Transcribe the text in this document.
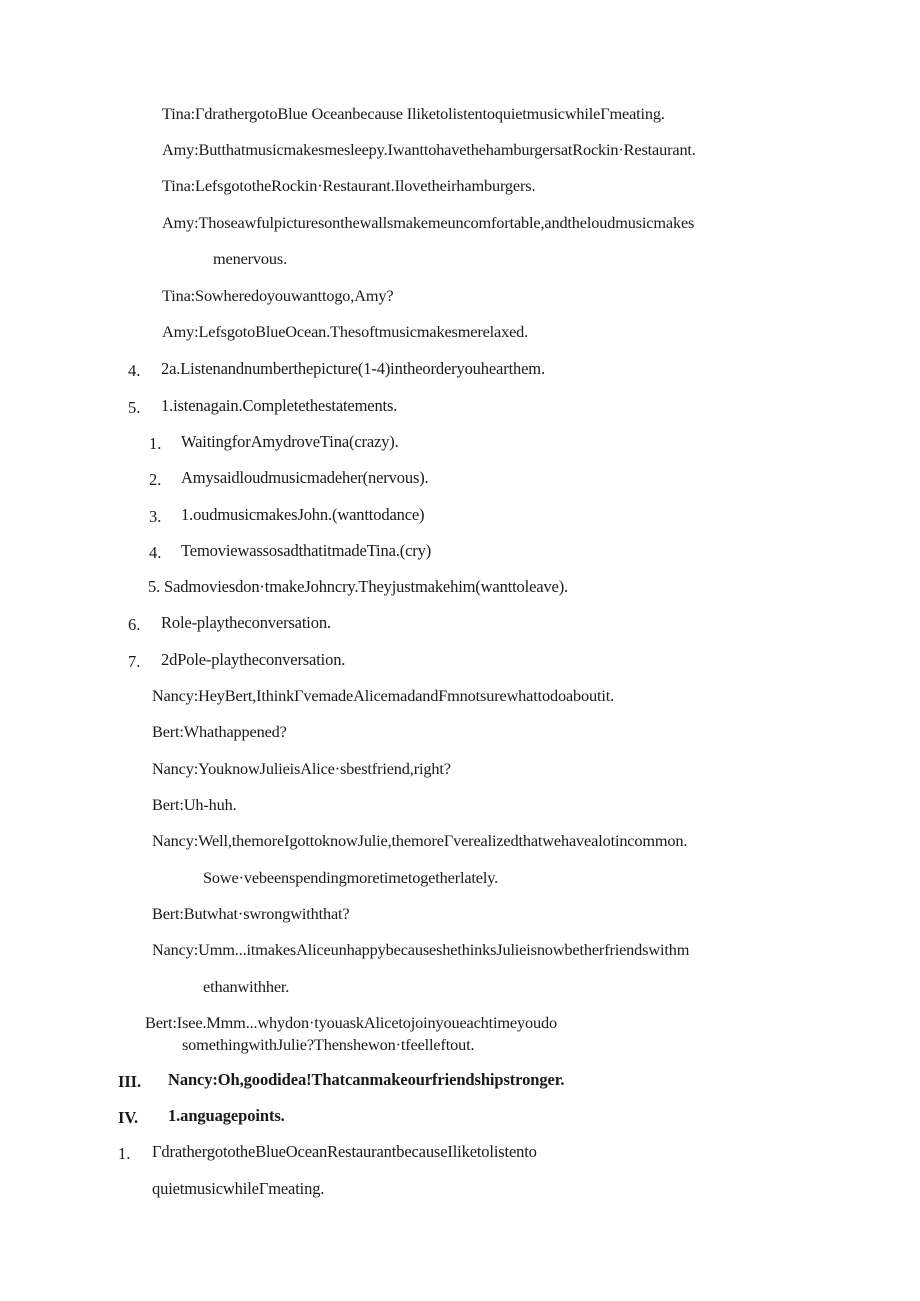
Tina:ΓdrathergotoBlue Oceanbecause IliketolistentoquietmusicwhileΓmeating.
Amy:Butthatmusicmakesmesleepy.IwanttohavethehamburgersatRockin·Restaurant.
Tina:LefsgototheRockin·Restaurant.Ilovetheirhamburgers.
Amy:Thoseawfulpicturesonthewallsmakemeuncomfortable,andtheloudmusicmakes
menervous.
Tina:Sowheredoyouwanttogo,Amy?
Amy:LefsgotoBlueOcean.Thesoftmusicmakesmerelaxed.
4. 2a.Listenandnumberthepicture(1-4)intheorderyouhearthem.
5. 1.istenagain.Completethestatements.
1. WaitingforAmydroveTina(crazy).
2. Amysaidloudmusicmadeher(nervous).
3. 1.oudmusicmakesJohn.(wanttodance)
4. TemoviewassosadthatitmadeTina.(cry)
5. Sadmoviesdon·tmakeJohncry.Theyjustmakehim(wanttoleave).
6. Role-playtheconversation.
7. 2dPole-playtheconversation.
Nancy:HeyBert,IthinkΓvemadeAlicemadandFmnotsurewhattodoaboutit.
Bert:Whathappened?
Nancy:YouknowJulieisAlice·sbestfriend,right?
Bert:Uh-huh.
Nancy:Well,themoreIgottoknowJulie,themoreΓverealizedthatwehavealotincommon.
Sowe·vebeenspendingmoretimetogetherlately.
Bert:Butwhat·swrongwiththat?
Nancy:Umm...itmakesAliceunhappybecauseshethinksJulieisnowbetherfriendswithm
ethanwithher.
Bert:Isee.Mmm...whydon·tyouaskAlicetojoinyoueachtimeyoudo
somethingwithJulie?Thenshewon·tfeelleftout.
III. Nancy:Oh,goodidea!Thatcanmakeourfriendshipstronger.
IV. 1.anguagepoints.
1. ΓdrathergototheBlueOceanRestaurantbecauseIliketolistento
quietmusicwhileΓmeating.
